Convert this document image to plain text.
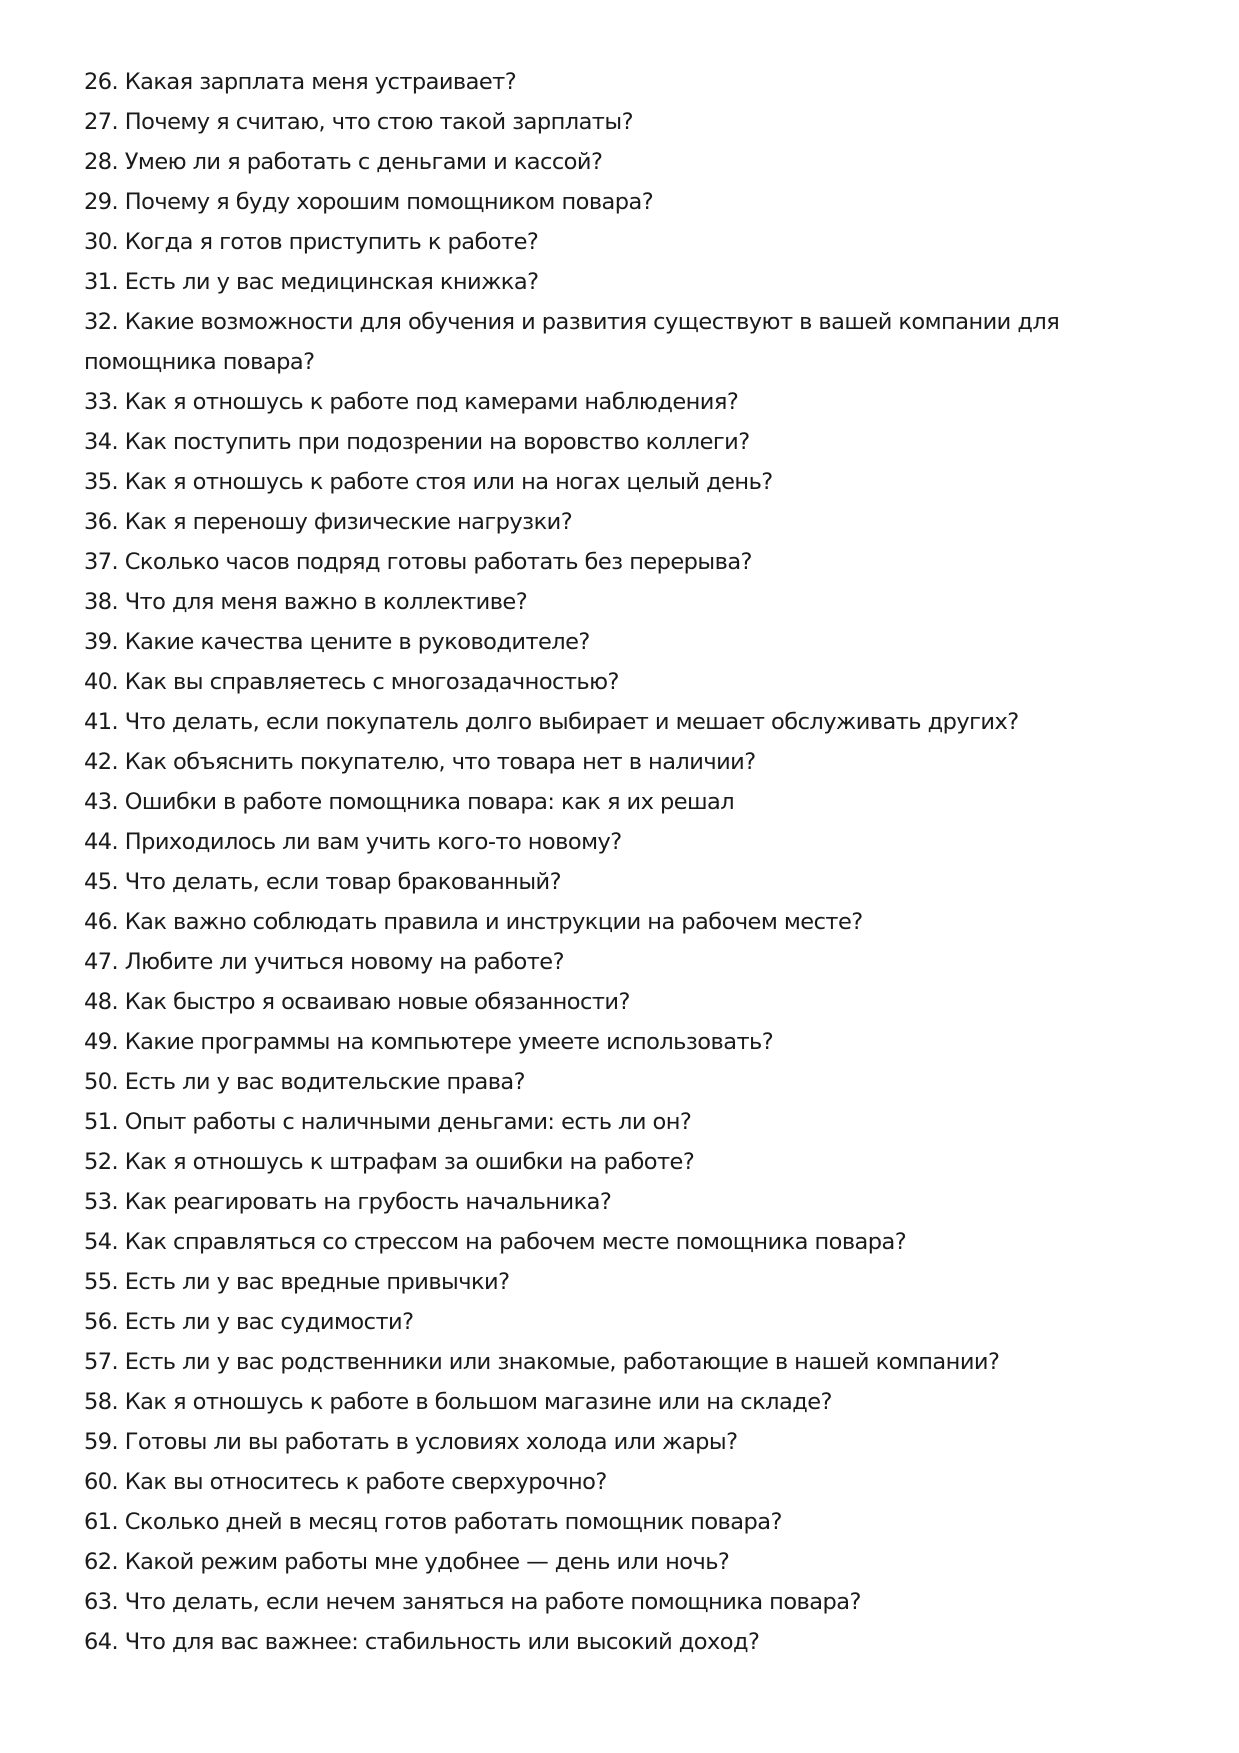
26. Какая зарплата меня устраивает?
27. Почему я считаю, что стою такой зарплаты?
28. Умею ли я работать с деньгами и кассой?
29. Почему я буду хорошим помощником повара?
30. Когда я готов приступить к работе?
31. Есть ли у вас медицинская книжка?
32. Какие возможности для обучения и развития существуют в вашей компании для помощника повара?
33. Как я отношусь к работе под камерами наблюдения?
34. Как поступить при подозрении на воровство коллеги?
35. Как я отношусь к работе стоя или на ногах целый день?
36. Как я переношу физические нагрузки?
37. Сколько часов подряд готовы работать без перерыва?
38. Что для меня важно в коллективе?
39. Какие качества цените в руководителе?
40. Как вы справляетесь с многозадачностью?
41. Что делать, если покупатель долго выбирает и мешает обслуживать других?
42. Как объяснить покупателю, что товара нет в наличии?
43. Ошибки в работе помощника повара: как я их решал
44. Приходилось ли вам учить кого-то новому?
45. Что делать, если товар бракованный?
46. Как важно соблюдать правила и инструкции на рабочем месте?
47. Любите ли учиться новому на работе?
48. Как быстро я осваиваю новые обязанности?
49. Какие программы на компьютере умеете использовать?
50. Есть ли у вас водительские права?
51. Опыт работы с наличными деньгами: есть ли он?
52. Как я отношусь к штрафам за ошибки на работе?
53. Как реагировать на грубость начальника?
54. Как справляться со стрессом на рабочем месте помощника повара?
55. Есть ли у вас вредные привычки?
56. Есть ли у вас судимости?
57. Есть ли у вас родственники или знакомые, работающие в нашей компании?
58. Как я отношусь к работе в большом магазине или на складе?
59. Готовы ли вы работать в условиях холода или жары?
60. Как вы относитесь к работе сверхурочно?
61. Сколько дней в месяц готов работать помощник повара?
62. Какой режим работы мне удобнее — день или ночь?
63. Что делать, если нечем заняться на работе помощника повара?
64. Что для вас важнее: стабильность или высокий доход?
